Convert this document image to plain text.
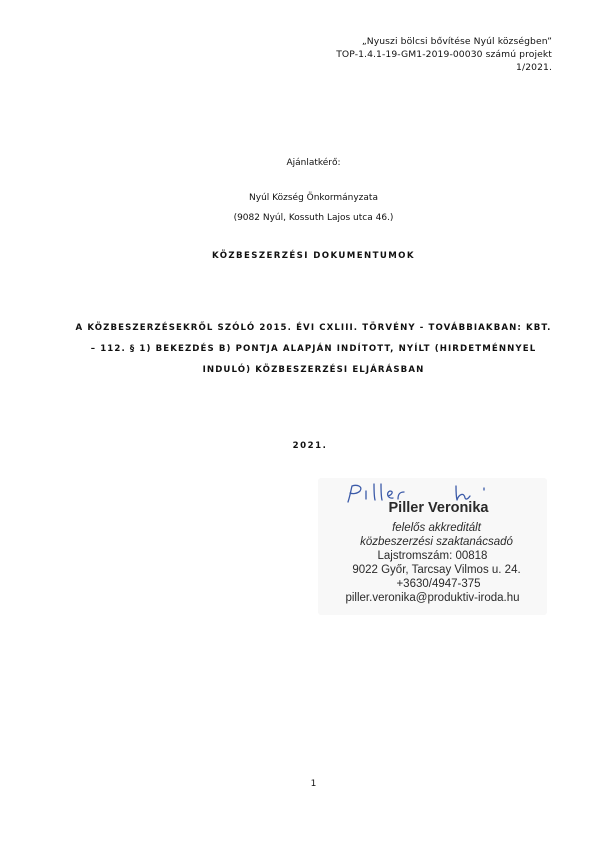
„Nyuszi bölcsi bővítése Nyúl községben”
TOP-1.4.1-19-GM1-2019-00030 számú projekt
1/2021.
Ajánlatkérő:
Nyúl Község Önkormányzata
(9082 Nyúl, Kossuth Lajos utca 46.)
KÖZBESZERZÉSI DOKUMENTUMOK
A KÖZBESZERZÉSEKRŐL SZÓLÓ 2015. ÉVI CXLIII. TÖRVÉNY - TOVÁBBIAKBAN: KBT.
– 112. § 1) BEKEZDÉS B) PONTJA ALAPJÁN INDÍTOTT, NYÍLT (HIRDETMÉNNYEL
INDULÓ) KÖZBESZERZÉSI ELJÁRÁSBAN
2021.
Piller Veronika
felelős akkreditált
közbeszerzési szaktanácsadó
Lajstromszám: 00818
9022 Győr, Tarcsay Vilmos u. 24.
+3630/4947-375
piller.veronika@produktiv-iroda.hu
1
